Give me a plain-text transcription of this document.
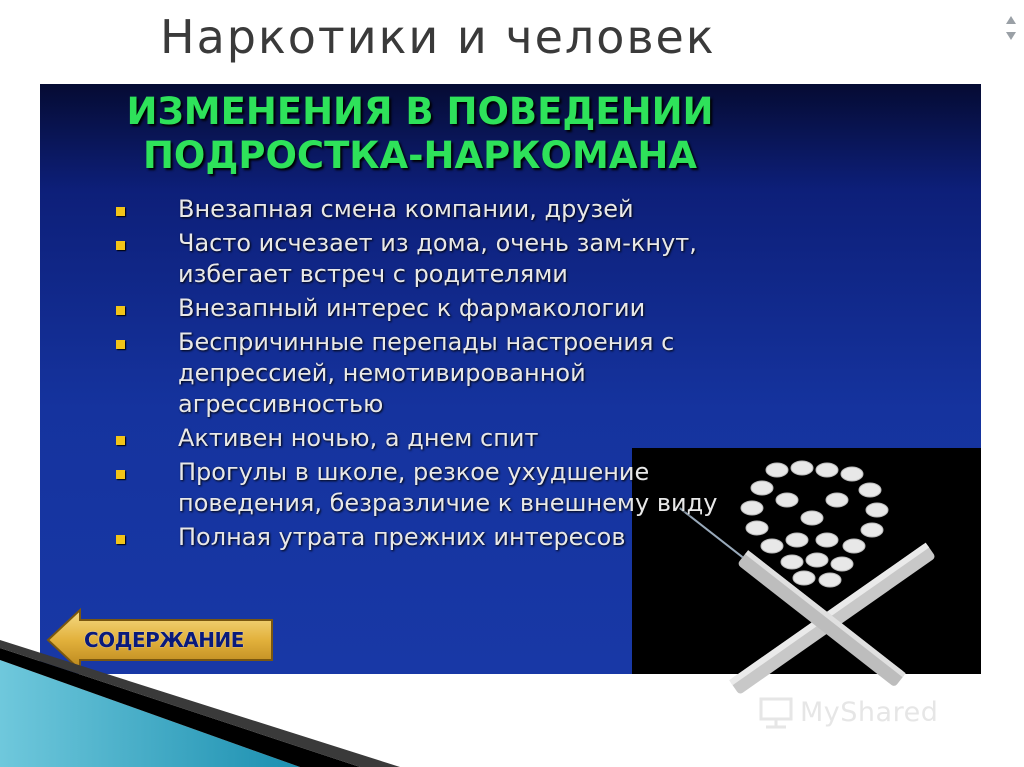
Наркотики и человек
ИЗМЕНЕНИЯ В ПОВЕДЕНИИ
ПОДРОСТКА-НАРКОМАНА
Внезапная смена компании, друзей
Часто исчезает из дома, очень зам-кнут,
избегает встреч с родителями
Внезапный интерес к фармакологии
Беспричинные перепады настроения с
депрессией, немотивированной
агрессивностью
Активен ночью, а днем спит
Прогулы в школе, резкое ухудшение
поведения, безразличие к внешнему виду
Полная утрата прежних интересов
СОДЕРЖАНИЕ
MyShared
